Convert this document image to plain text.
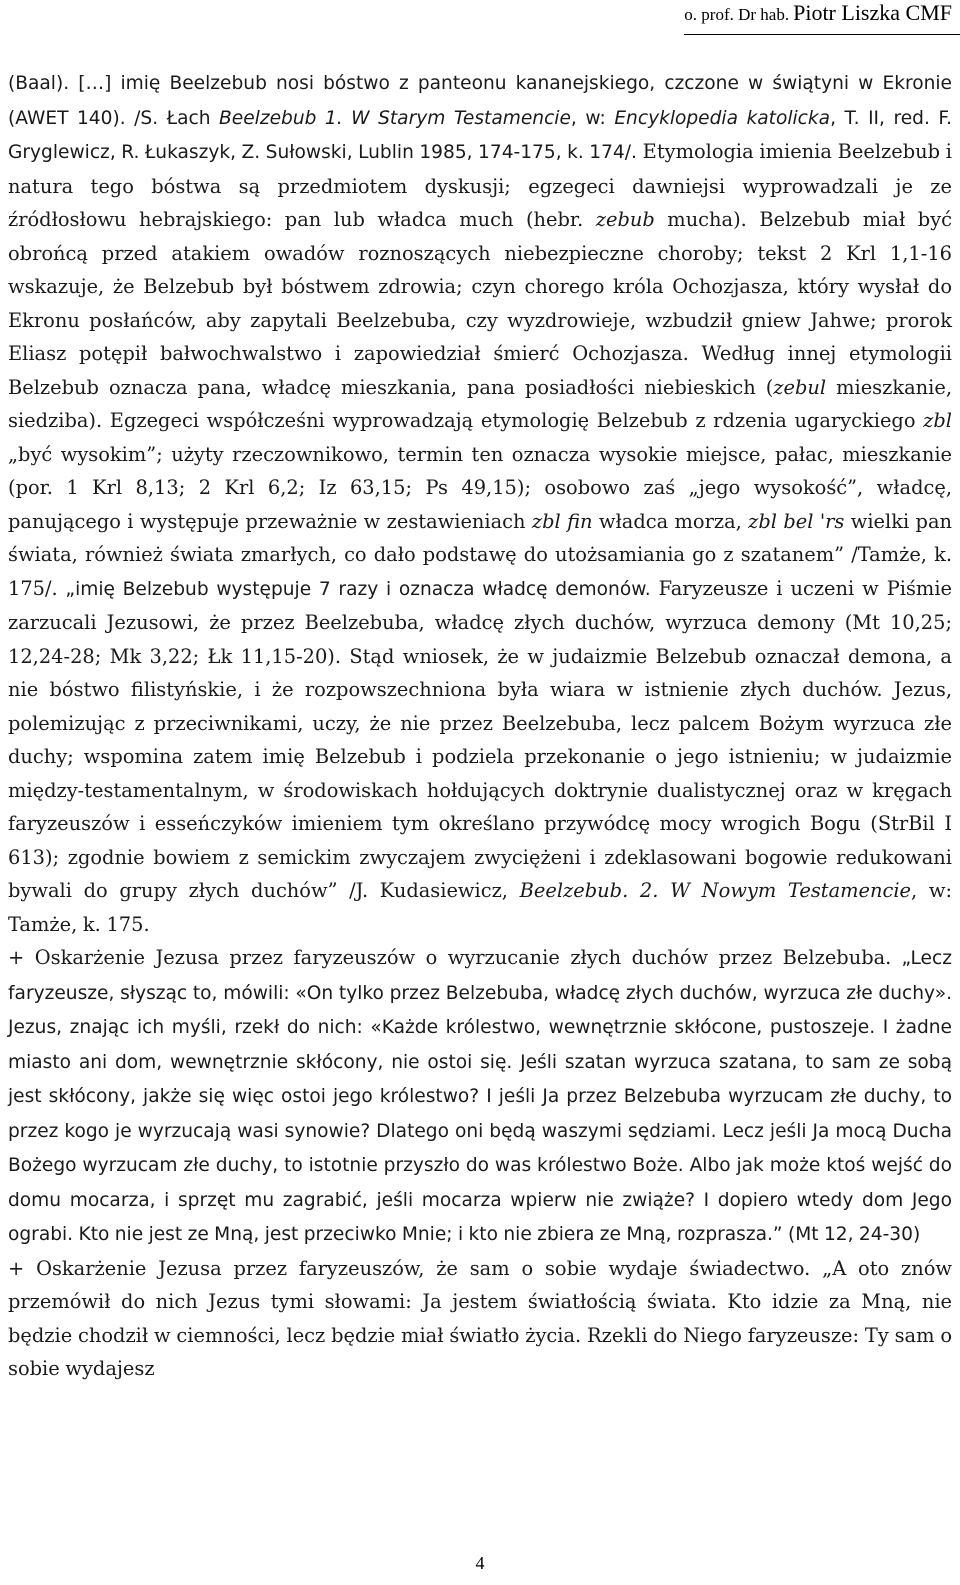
o. prof. Dr hab. Piotr Liszka CMF

(Baal). […] imię Beelzebub nosi bóstwo z panteonu kananejskiego, czczone w świątyni w Ekronie (AWET 140). /S. Łach Beelzebub 1. W Starym Testamencie, w: Encyklopedia katolicka, T. II, red. F. Gryglewicz, R. Łukaszyk, Z. Sułowski, Lublin 1985, 174-175, k. 174/. Etymologia imienia Beelzebub i natura tego bóstwa są przedmiotem dyskusji; egzegeci dawniejsi wyprowadzali je ze źródłosłowu hebrajskiego: pan lub władca much (hebr. zebub mucha). Belzebub miał być obrońcą przed atakiem owadów roznoszących niebezpieczne choroby; tekst 2 Krl 1,1-16 wskazuje, że Belzebub był bóstwem zdrowia; czyn chorego króla Ochozjasza, który wysłał do Ekronu posłańców, aby zapytali Beelzebuba, czy wyzdrowieje, wzbudził gniew Jahwe; prorok Eliasz potępił bałwochwalstwo i zapowiedział śmierć Ochozjasza. Według innej etymologii Belzebub oznacza pana, władcę mieszkania, pana posiadłości niebieskich (zebul mieszkanie, siedziba). Egzegeci współcześni wyprowadzają etymologię Belzebub z rdzenia ugaryckiego zbl „być wysokim”; użyty rzeczownikowo, termin ten oznacza wysokie miejsce, pałac, mieszkanie (por. 1 Krl 8,13; 2 Krl 6,2; Iz 63,15; Ps 49,15); osobowo zaś „jego wysokość”, władcę, panującego i występuje przeważnie w zestawieniach zbl fin władca morza, zbl bel 'rs wielki pan świata, również świata zmarłych, co dało podstawę do utożsamiania go z szatanem” /Tamże, k. 175/. „imię Belzebub występuje 7 razy i oznacza władcę demonów. Faryzeusze i uczeni w Piśmie zarzucali Jezusowi, że przez Beelzebuba, władcę złych duchów, wyrzuca demony (Mt 10,25; 12,24-28; Mk 3,22; Łk 11,15-20). Stąd wniosek, że w judaizmie Belzebub oznaczał demona, a nie bóstwo filistyńskie, i że rozpowszechniona była wiara w istnienie złych duchów. Jezus, polemizując z przeciwnikami, uczy, że nie przez Beelzebuba, lecz palcem Bożym wyrzuca złe duchy; wspomina zatem imię Belzebub i podziela przekonanie o jego istnieniu; w judaizmie między-testamentalnym, w środowiskach hołdujących doktrynie dualistycznej oraz w kręgach faryzeuszów i esseńczyków imieniem tym określano przywódcę mocy wrogich Bogu (StrBil I 613); zgodnie bowiem z semickim zwyczajem zwyciężeni i zdeklasowani bogowie redukowani bywali do grupy złych duchów” /J. Kudasiewicz, Beelzebub. 2. W Nowym Testamencie, w: Tamże, k. 175.

+ Oskarżenie Jezusa przez faryzeuszów o wyrzucanie złych duchów przez Belzebuba. „Lecz faryzeusze, słysząc to, mówili: «On tylko przez Belzebuba, władcę złych duchów, wyrzuca złe duchy». Jezus, znając ich myśli, rzekł do nich: «Każde królestwo, wewnętrznie skłócone, pustoszeje. I żadne miasto ani dom, wewnętrznie skłócony, nie ostoi się. Jeśli szatan wyrzuca szatana, to sam ze sobą jest skłócony, jakże się więc ostoi jego królestwo? I jeśli Ja przez Belzebuba wyrzucam złe duchy, to przez kogo je wyrzucają wasi synowie? Dlatego oni będą waszymi sędziami. Lecz jeśli Ja mocą Ducha Bożego wyrzucam złe duchy, to istotnie przyszło do was królestwo Boże. Albo jak może ktoś wejść do domu mocarza, i sprzęt mu zagrabić, jeśli mocarza wpierw nie zwiąże? I dopiero wtedy dom Jego ograbi. Kto nie jest ze Mną, jest przeciwko Mnie; i kto nie zbiera ze Mną, rozprasza.” (Mt 12, 24-30)

+ Oskarżenie Jezusa przez faryzeuszów, że sam o sobie wydaje świadectwo. „A oto znów przemówił do nich Jezus tymi słowami: Ja jestem światłością świata. Kto idzie za Mną, nie będzie chodził w ciemności, lecz będzie miał światło życia. Rzekli do Niego faryzeusze: Ty sam o sobie wydajesz

4
